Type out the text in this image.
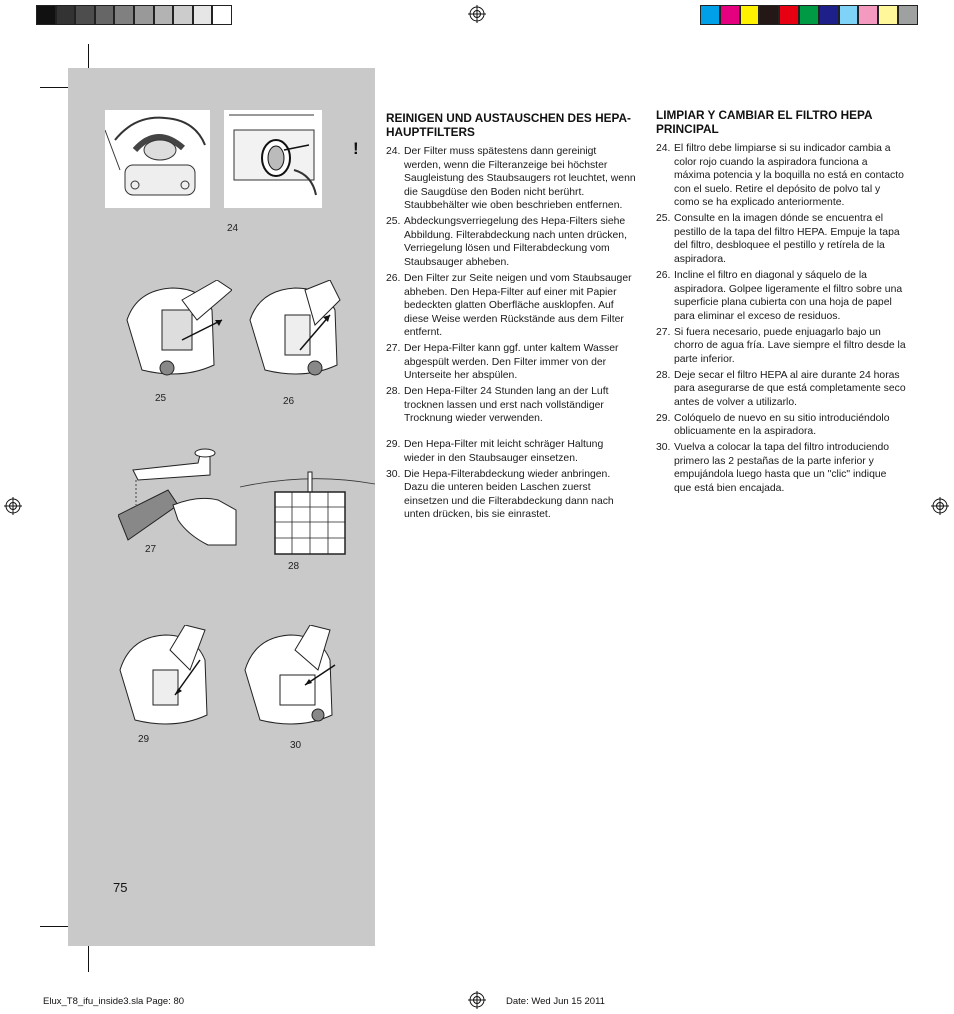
!
24
25	26
27
28
29
30
75
REINIGEN UND AUSTAUSCHEN DES HEPA-HAUPTFILTERS
24. Der Filter muss spätestens dann gereinigt werden, wenn die Filteranzeige bei höchster Saugleistung des Staubsaugers rot leuchtet, wenn die Saugdüse den Boden nicht berührt. Staubbehälter wie oben beschrieben entfernen.
25. Abdeckungsverriegelung des Hepa-Filters siehe Abbildung. Filterabdeckung nach unten drücken, Verriegelung lösen und Filterabdeckung vom Staubsauger abheben.
26. Den Filter zur Seite neigen und vom Staubsauger abheben. Den Hepa-Filter auf einer mit Papier bedeckten glatten Oberfläche ausklopfen. Auf diese Weise werden Rückstände aus dem Filter entfernt.
27. Der Hepa-Filter kann ggf. unter kaltem Wasser abgespült werden. Den Filter immer von der Unterseite her abspülen.
28. Den Hepa-Filter 24 Stunden lang an der Luft trocknen lassen und erst nach vollständiger Trocknung wieder verwenden.
29. Den Hepa-Filter mit leicht schräger Haltung wieder in den Staubsauger einsetzen.
30. Die Hepa-Filterabdeckung wieder anbringen. Dazu die unteren beiden Laschen zuerst einsetzen und die Filterabdeckung dann nach unten drücken, bis sie einrastet.
LIMPIAR Y CAMBIAR EL FILTRO HEPA PRINCIPAL
24. El filtro debe limpiarse si su indicador cambia a color rojo cuando la aspiradora funciona a máxima potencia y la boquilla no está en contacto con el suelo. Retire el depósito de polvo tal y como se ha explicado anteriormente.
25. Consulte en la imagen dónde se encuentra el pestillo de la tapa del filtro HEPA. Empuje la tapa del filtro, desbloquee el pestillo y retírela de la aspiradora.
26. Incline el filtro en diagonal y sáquelo de la aspiradora. Golpee ligeramente el filtro sobre una superficie plana cubierta con una hoja de papel para eliminar el exceso de residuos.
27. Si fuera necesario, puede enjuagarlo bajo un chorro de agua fría. Lave siempre el filtro desde la parte inferior.
28. Deje secar el filtro HEPA al aire durante 24 horas para asegurarse de que está completamente seco antes de volver a utilizarlo.
29. Colóquelo de nuevo en su sitio introduciéndolo oblicuamente en la aspiradora.
30. Vuelva a colocar la tapa del filtro introduciendo primero las 2 pestañas de la parte inferior y empujándola luego hasta que un "clic" indique que está bien encajada.
Elux_T8_ifu_inside3.sla Page: 80	Date: Wed Jun 15 2011
